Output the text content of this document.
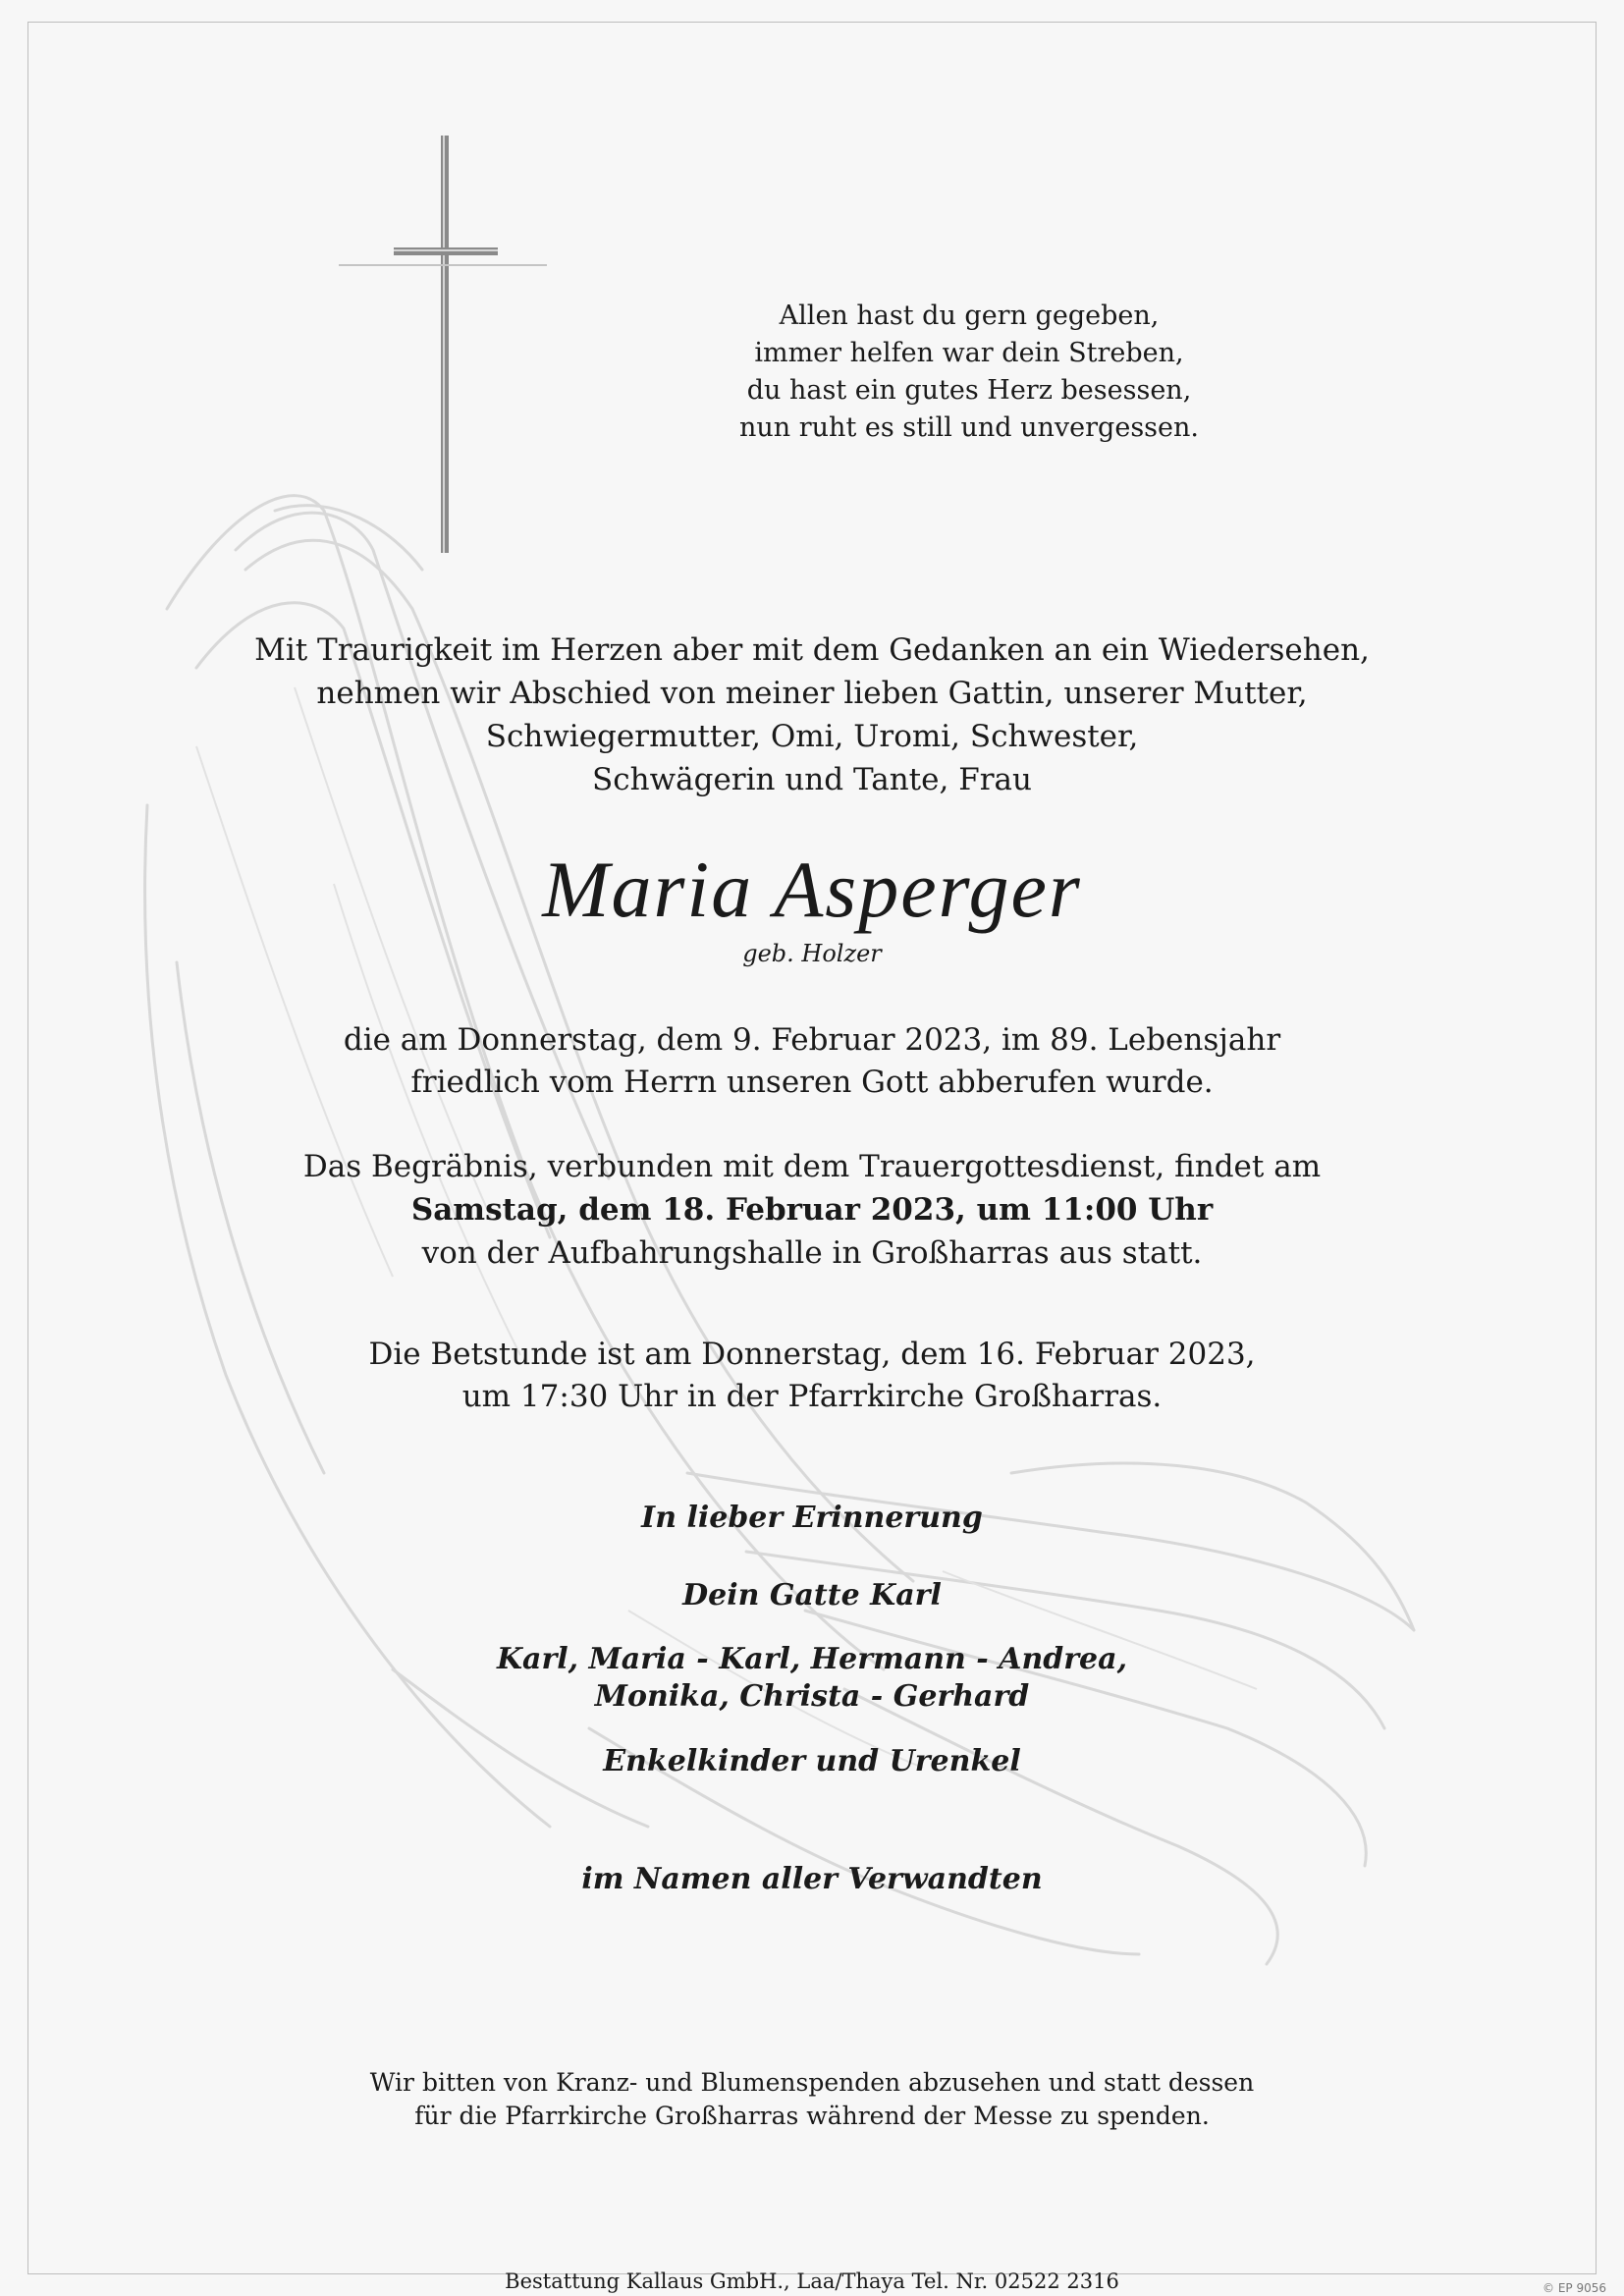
Allen hast du gern gegeben,
immer helfen war dein Streben,
du hast ein gutes Herz besessen,
nun ruht es still und unvergessen.
Mit Traurigkeit im Herzen aber mit dem Gedanken an ein Wiedersehen,
nehmen wir Abschied von meiner lieben Gattin, unserer Mutter,
Schwiegermutter, Omi, Uromi, Schwester,
Schwägerin und Tante, Frau
Maria Asperger
geb. Holzer
die am Donnerstag, dem 9. Februar 2023, im 89. Lebensjahr
friedlich vom Herrn unseren Gott abberufen wurde.
Das Begräbnis, verbunden mit dem Trauergottesdienst, findet am
Samstag, dem 18. Februar 2023, um 11:00 Uhr
von der Aufbahrungshalle in Großharras aus statt.
Die Betstunde ist am Donnerstag, dem 16. Februar 2023,
um 17:30 Uhr in der Pfarrkirche Großharras.
In lieber Erinnerung
Dein Gatte Karl
Karl, Maria - Karl, Hermann - Andrea,
Monika, Christa - Gerhard
Enkelkinder und Urenkel
im Namen aller Verwandten
Wir bitten von Kranz- und Blumenspenden abzusehen und statt dessen
für die Pfarrkirche Großharras während der Messe zu spenden.
Bestattung Kallaus GmbH., Laa/Thaya Tel. Nr. 02522 2316	© EP 9056
